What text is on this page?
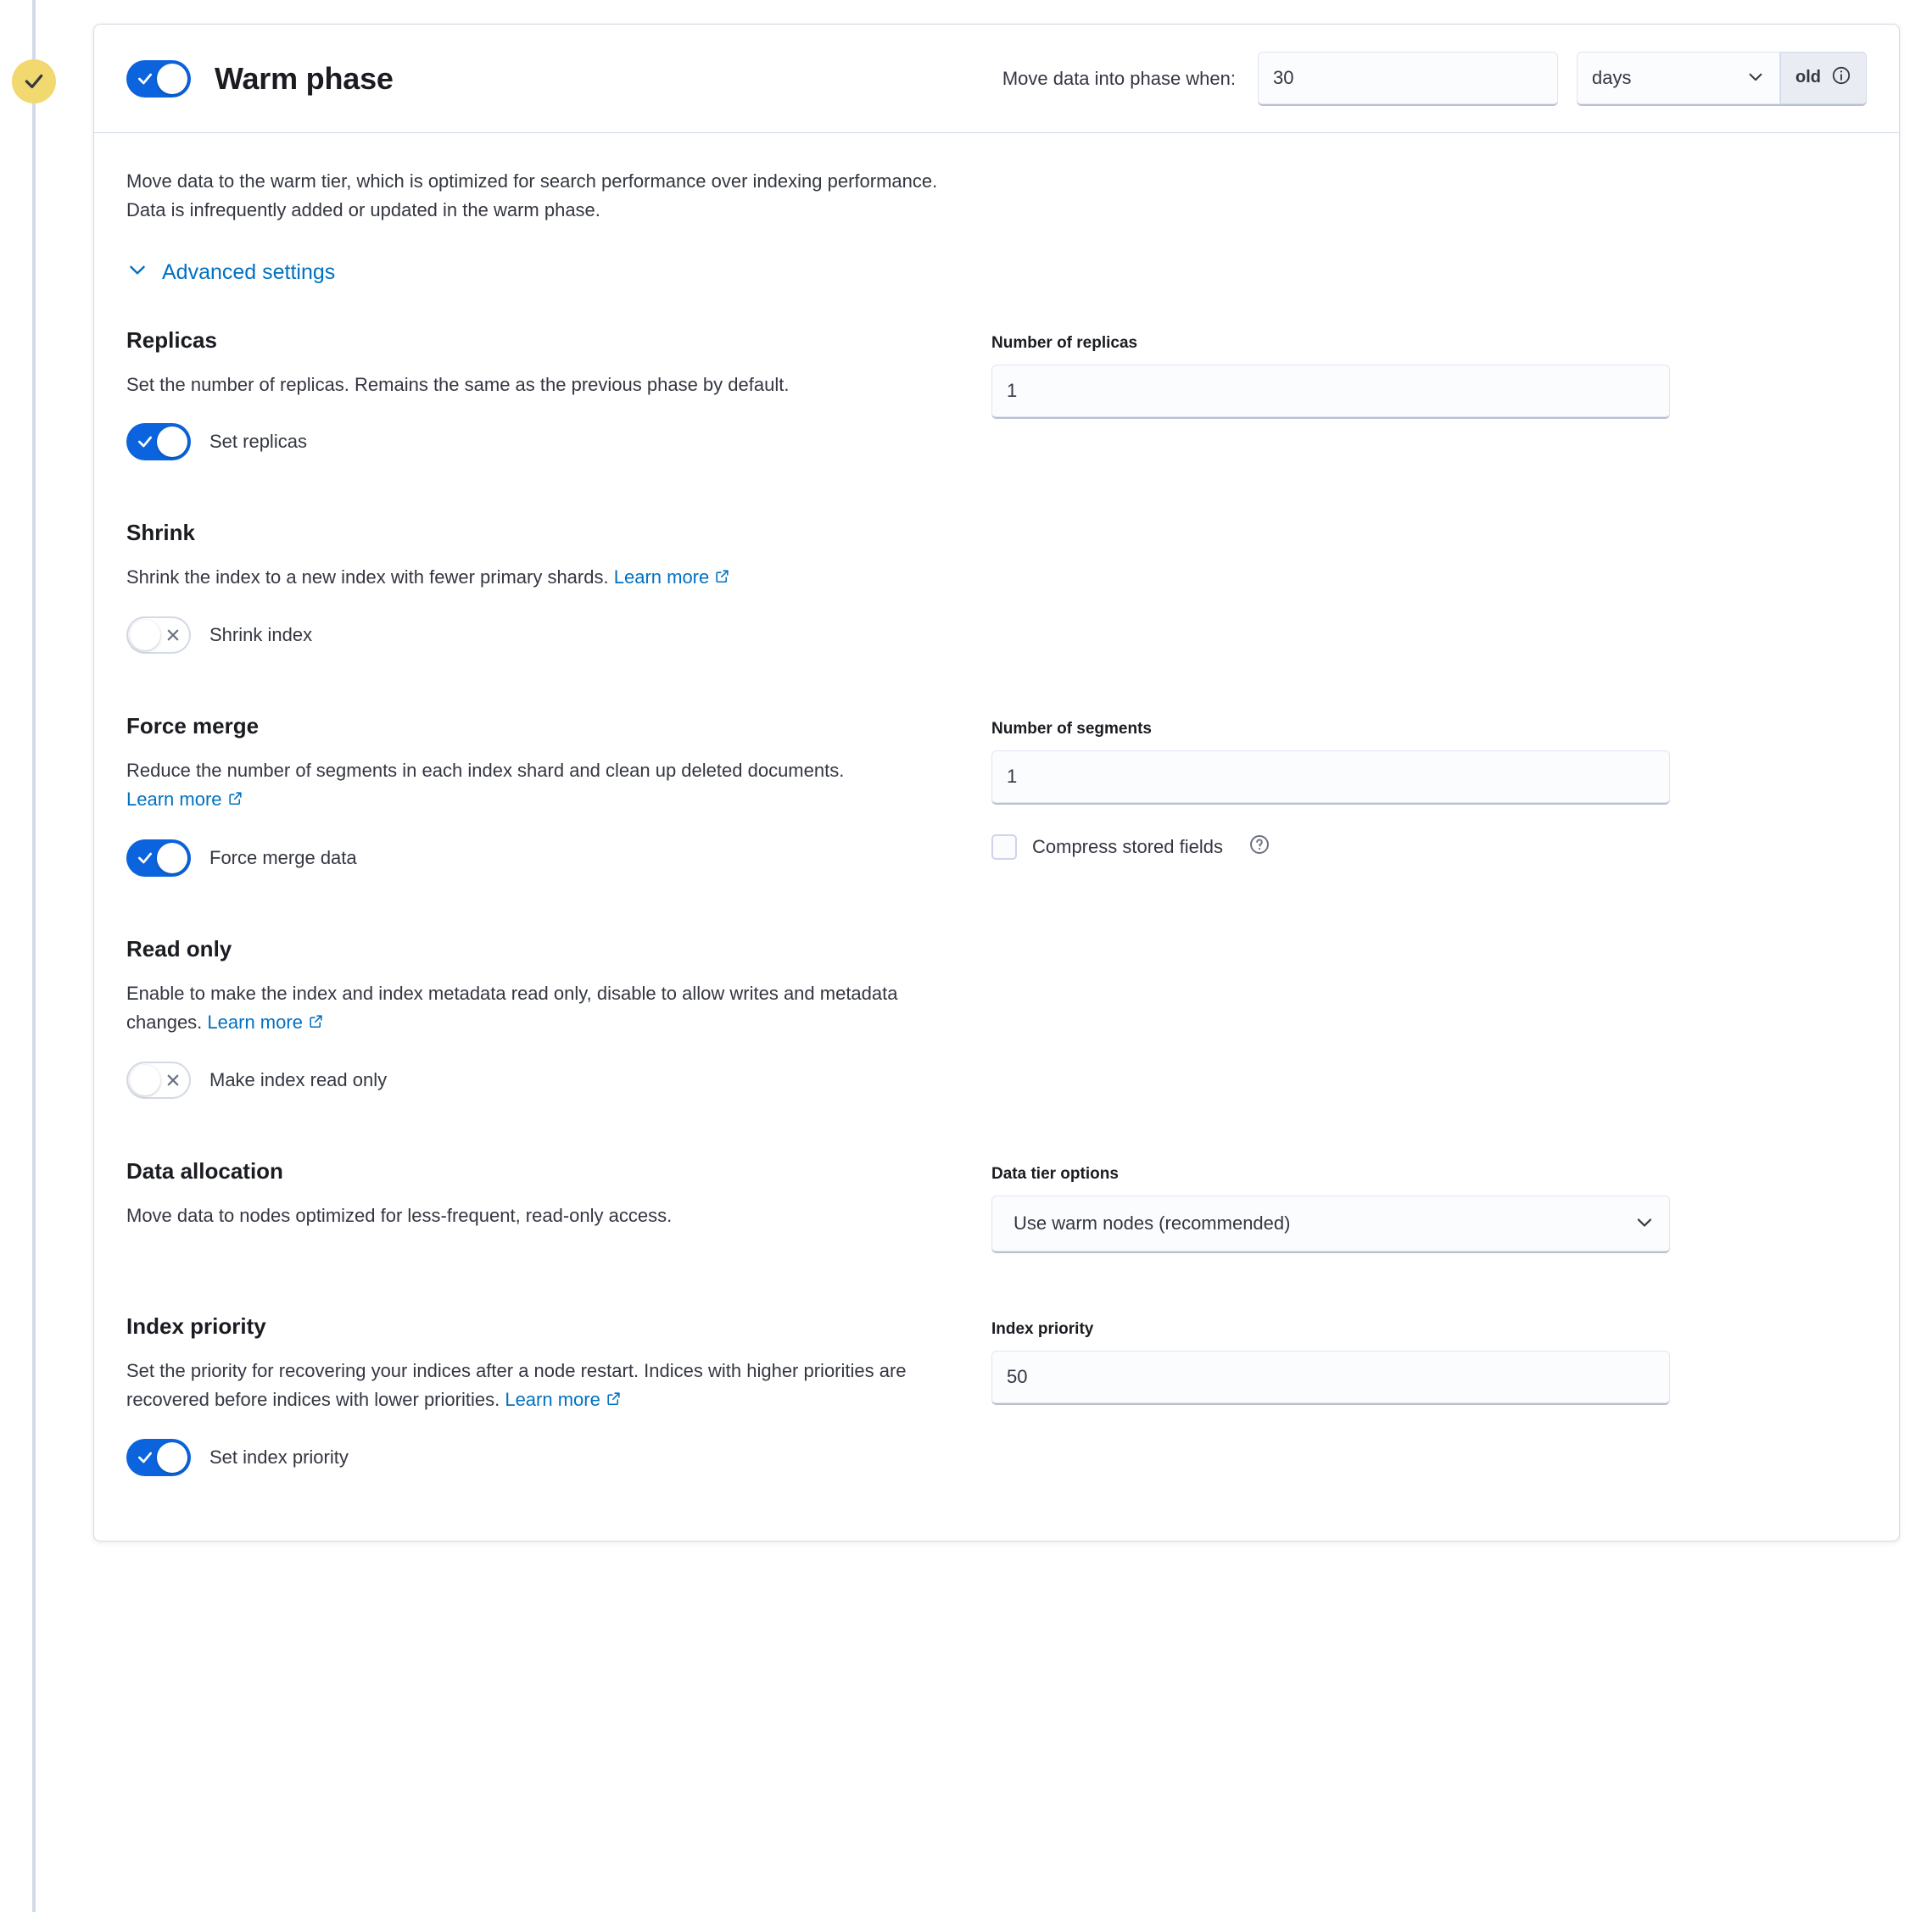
Warm phase	Move data into phase when:
30
days	old

Move data to the warm tier, which is optimized for search performance over indexing performance. Data is infrequently added or updated in the warm phase.

Advanced settings
Replicas

Set the number of replicas. Remains the same as the previous phase by default.

Set replicas
Number of replicas
1
Shrink

Shrink the index to a new index with fewer primary shards. Learn more

Shrink index
Force merge

Reduce the number of segments in each index shard and clean up deleted documents. Learn more

Force merge data
Number of segments
1
Compress stored fields
Read only

Enable to make the index and index metadata read only, disable to allow writes and metadata changes. Learn more

Make index read only
Data allocation

Move data to nodes optimized for less-frequent, read-only access.

Data tier options
Use warm nodes (recommended)
Index priority

Set the priority for recovering your indices after a node restart. Indices with higher priorities are recovered before indices with lower priorities. Learn more

Set index priority
Index priority
50
